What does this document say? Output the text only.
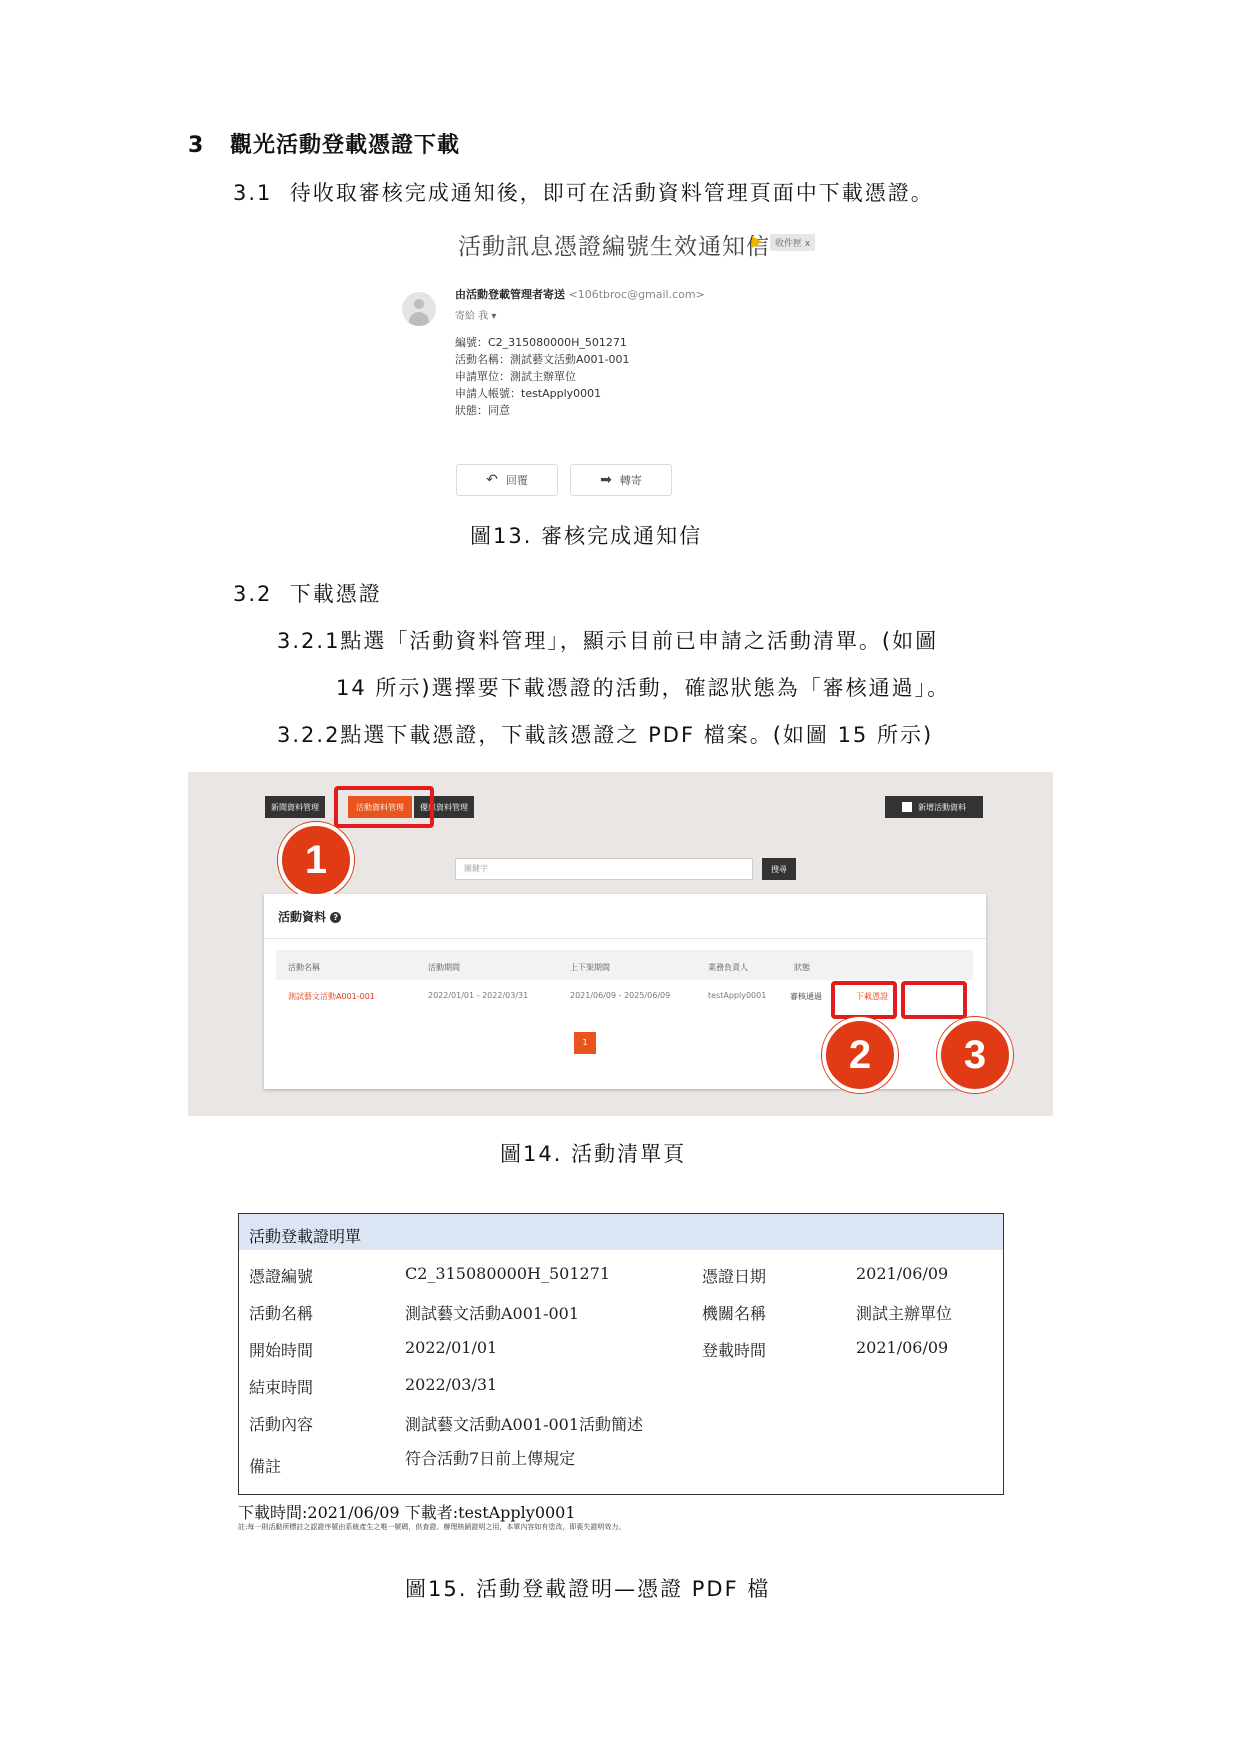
3 觀光活動登載憑證下載
3.1 待收取審核完成通知後，即可在活動資料管理頁面中下載憑證。
活動訊息憑證編號生效通知信 收件匣 x
由活動登載管理者寄送 <106tbroc@gmail.com>
寄給 我 ▾
編號：C2_315080000H_501271
活動名稱：測試藝文活動A001-001
申請單位：測試主辦單位
申請人帳號：testApply0001
狀態：同意
↶ 回覆	➡ 轉寄
圖13. 審核完成通知信
3.2 下載憑證
3.2.1點選「活動資料管理」，顯示目前已申請之活動清單。(如圖
14 所示)選擇要下載憑證的活動，確認狀態為「審核通過」。
3.2.2點選下載憑證，下載該憑證之 PDF 檔案。(如圖 15 所示)
新聞資料管理	活動資料管理	優惠資料管理	新增活動資料
1	關鍵字	搜尋
活動資料 ?
活動名稱	活動期間	上下架期間	業務負責人	狀態
測試藝文活動A001-001	2022/01/01 - 2022/03/31	2021/06/09 - 2025/06/09	testApply0001	審核通過	下載憑證
1	2	3
圖14. 活動清單頁
活動登載證明單
憑證編號	C2_315080000H_501271	憑證日期	2021/06/09
活動名稱	測試藝文活動A001-001	機關名稱	測試主辦單位
開始時間	2022/01/01	登載時間	2021/06/09
結束時間	2022/03/31
活動內容	測試藝文活動A001-001活動簡述
備註	符合活動7日前上傳規定
下載時間:2021/06/09 下載者:testApply0001
註:每一則活動所標註之認證序號由系統產生之唯一號碼，供查證、辦理核銷證明之用，本單內容如有塗改，即喪失證明效力。
圖15. 活動登載證明—憑證 PDF 檔
